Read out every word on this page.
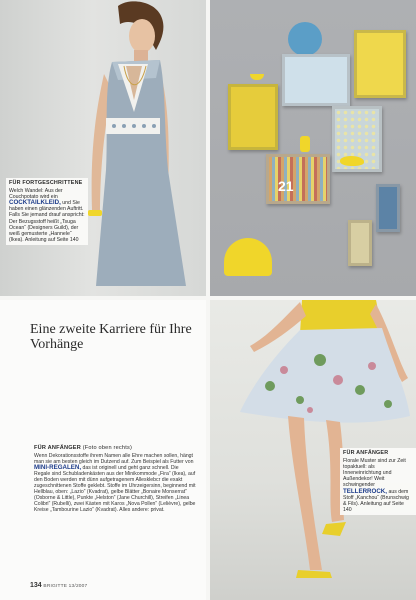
FÜR FORTGESCHRITTENE
Welch Wandel: Aus der Couchpotato wird ein COCKTAILKLEID, und Sie haben einen glänzenden Auftritt. Falls Sie jemand drauf anspricht: Der Bezugsstoff heißt „Tsuga Ocean“ (Designers Guild), der weiß gemusterte „Hannele“ (Ikea). Anleitung auf Seite 140
21
Eine zweite Karriere für Ihre Vorhänge
FÜR ANFÄNGER (Foto oben rechts)
Wenn Dekorationsstoffe ihrem Namen alle Ehre machen sollen, hängt man sie am besten gleich im Dutzend auf. Zum Beispiel als Futter von MINI-REGALEN, das ist originell und geht ganz schnell. Die Regale sind Schubladenkästen aus der Minikommode „Fira“ (Ikea), auf den Boden werden mit dünn aufgetragenem Allesklebcr die exakt zugeschnittenen Stoffe geklebt. Stoffe im Uhrzeigersinn, beginnend mit Hellblau, oben: „Lazio“ (Kvadrat), gelbe Blätter „Bonaire Monserrat“ (Osborne & Little), Punkte „Helston“ (Jane Churchill), Streifen „Linea Colibri“ (Rubelli), zwei Kästen mit Karos „Nova Pollen“ (Lelièvre), gelbe Kreise „Tambourine Lazio“ (Kvadrat). Alles andere: privat.
134 BRIGITTE 13/2007
FÜR ANFÄNGER
Florale Muster sind zur Zeit topaktuell: als Inneneinrichtung und Außendekor! Weit schwingender TELLERROCK, aus dem Stoff „Kanchou“ (Brunschwig & Fils). Anleitung auf Seite 140
